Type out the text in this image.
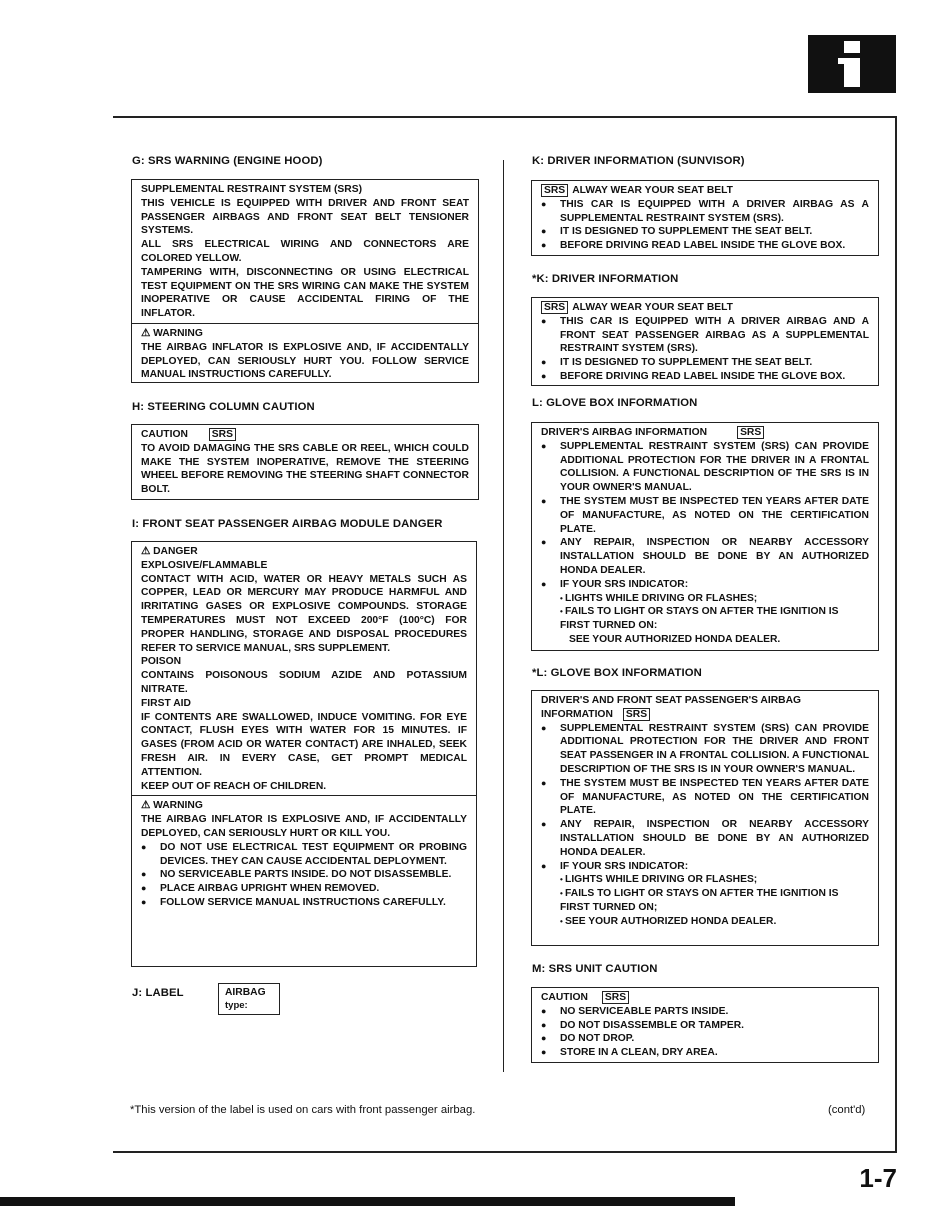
G: SRS WARNING (ENGINE HOOD)
SUPPLEMENTAL RESTRAINT SYSTEM (SRS)
THIS VEHICLE IS EQUIPPED WITH DRIVER AND FRONT SEAT PASSENGER AIRBAGS AND FRONT SEAT BELT TENSIONER SYSTEMS.
ALL SRS ELECTRICAL WIRING AND CONNECTORS ARE COLORED YELLOW.
TAMPERING WITH, DISCONNECTING OR USING ELECTRICAL TEST EQUIPMENT ON THE SRS WIRING CAN MAKE THE SYSTEM INOPERATIVE OR CAUSE ACCIDENTAL FIRING OF THE INFLATOR.
⚠ WARNING
THE AIRBAG INFLATOR IS EXPLOSIVE AND, IF ACCIDENTALLY DEPLOYED, CAN SERIOUSLY HURT YOU. FOLLOW SERVICE MANUAL INSTRUCTIONS CAREFULLY.
H: STEERING COLUMN CAUTION
CAUTION SRS
TO AVOID DAMAGING THE SRS CABLE OR REEL, WHICH COULD MAKE THE SYSTEM INOPERATIVE, REMOVE THE STEERING WHEEL BEFORE REMOVING THE STEERING SHAFT CONNECTOR BOLT.
I: FRONT SEAT PASSENGER AIRBAG MODULE DANGER
⚠ DANGER
EXPLOSIVE/FLAMMABLE
CONTACT WITH ACID, WATER OR HEAVY METALS SUCH AS COPPER, LEAD OR MERCURY MAY PRODUCE HARMFUL AND IRRITATING GASES OR EXPLOSIVE COMPOUNDS. STORAGE TEMPERATURES MUST NOT EXCEED 200°F (100°C) FOR PROPER HANDLING, STORAGE AND DISPOSAL PROCEDURES REFER TO SERVICE MANUAL, SRS SUPPLEMENT.
POISON
CONTAINS POISONOUS SODIUM AZIDE AND POTASSIUM NITRATE.
FIRST AID
IF CONTENTS ARE SWALLOWED, INDUCE VOMITING. FOR EYE CONTACT, FLUSH EYES WITH WATER FOR 15 MINUTES. IF GASES (FROM ACID OR WATER CONTACT) ARE INHALED, SEEK FRESH AIR. IN EVERY CASE, GET PROMPT MEDICAL ATTENTION.
KEEP OUT OF REACH OF CHILDREN.
⚠ WARNING
THE AIRBAG INFLATOR IS EXPLOSIVE AND, IF ACCIDENTALLY DEPLOYED, CAN SERIOUSLY HURT OR KILL YOU.
●
DO NOT USE ELECTRICAL TEST EQUIPMENT OR PROBING DEVICES. THEY CAN CAUSE ACCIDENTAL DEPLOYMENT.
●
NO SERVICEABLE PARTS INSIDE. DO NOT DISASSEMBLE.
●
PLACE AIRBAG UPRIGHT WHEN REMOVED.
●
FOLLOW SERVICE MANUAL INSTRUCTIONS CAREFULLY.
J: LABEL	AIRBAG
type:
K: DRIVER INFORMATION (SUNVISOR)
SRS ALWAY WEAR YOUR SEAT BELT
●
THIS CAR IS EQUIPPED WITH A DRIVER AIRBAG AS A SUPPLEMENTAL RESTRAINT SYSTEM (SRS).
●
IT IS DESIGNED TO SUPPLEMENT THE SEAT BELT.
●
BEFORE DRIVING READ LABEL INSIDE THE GLOVE BOX.
*K: DRIVER INFORMATION
SRS ALWAY WEAR YOUR SEAT BELT
●
THIS CAR IS EQUIPPED WITH A DRIVER AIRBAG AND A FRONT SEAT PASSENGER AIRBAG AS A SUPPLEMENTAL RESTRAINT SYSTEM (SRS).
●
IT IS DESIGNED TO SUPPLEMENT THE SEAT BELT.
●
BEFORE DRIVING READ LABEL INSIDE THE GLOVE BOX.
L: GLOVE BOX INFORMATION
DRIVER'S AIRBAG INFORMATION	SRS
●
SUPPLEMENTAL RESTRAINT SYSTEM (SRS) CAN PROVIDE ADDITIONAL PROTECTION FOR THE DRIVER IN A FRONTAL COLLISION. A FUNCTIONAL DESCRIPTION OF THE SRS IS IN YOUR OWNER'S MANUAL.
●
THE SYSTEM MUST BE INSPECTED TEN YEARS AFTER DATE OF MANUFACTURE, AS NOTED ON THE CERTIFICATION PLATE.
●
ANY REPAIR, INSPECTION OR NEARBY ACCESSORY INSTALLATION SHOULD BE DONE BY AN AUTHORIZED HONDA DEALER.
●
IF YOUR SRS INDICATOR:
• LIGHTS WHILE DRIVING OR FLASHES;
• FAILS TO LIGHT OR STAYS ON AFTER THE IGNITION IS FIRST TURNED ON:
SEE YOUR AUTHORIZED HONDA DEALER.
*L: GLOVE BOX INFORMATION
DRIVER'S AND FRONT SEAT PASSENGER'S AIRBAG INFORMATION SRS
●
SUPPLEMENTAL RESTRAINT SYSTEM (SRS) CAN PROVIDE ADDITIONAL PROTECTION FOR THE DRIVER AND FRONT SEAT PASSENGER IN A FRONTAL COLLISION. A FUNCTIONAL DESCRIPTION OF THE SRS IS IN YOUR OWNER'S MANUAL.
●
THE SYSTEM MUST BE INSPECTED TEN YEARS AFTER DATE OF MANUFACTURE, AS NOTED ON THE CERTIFICATION PLATE.
●
ANY REPAIR, INSPECTION OR NEARBY ACCESSORY INSTALLATION SHOULD BE DONE BY AN AUTHORIZED HONDA DEALER.
●
IF YOUR SRS INDICATOR:
• LIGHTS WHILE DRIVING OR FLASHES;
• FAILS TO LIGHT OR STAYS ON AFTER THE IGNITION IS FIRST TURNED ON;
• SEE YOUR AUTHORIZED HONDA DEALER.
M: SRS UNIT CAUTION
CAUTION SRS
●
NO SERVICEABLE PARTS INSIDE.
●
DO NOT DISASSEMBLE OR TAMPER.
●
DO NOT DROP.
●
STORE IN A CLEAN, DRY AREA.
*This version of the label is used on cars with front passenger airbag.	(cont'd)
1-7
